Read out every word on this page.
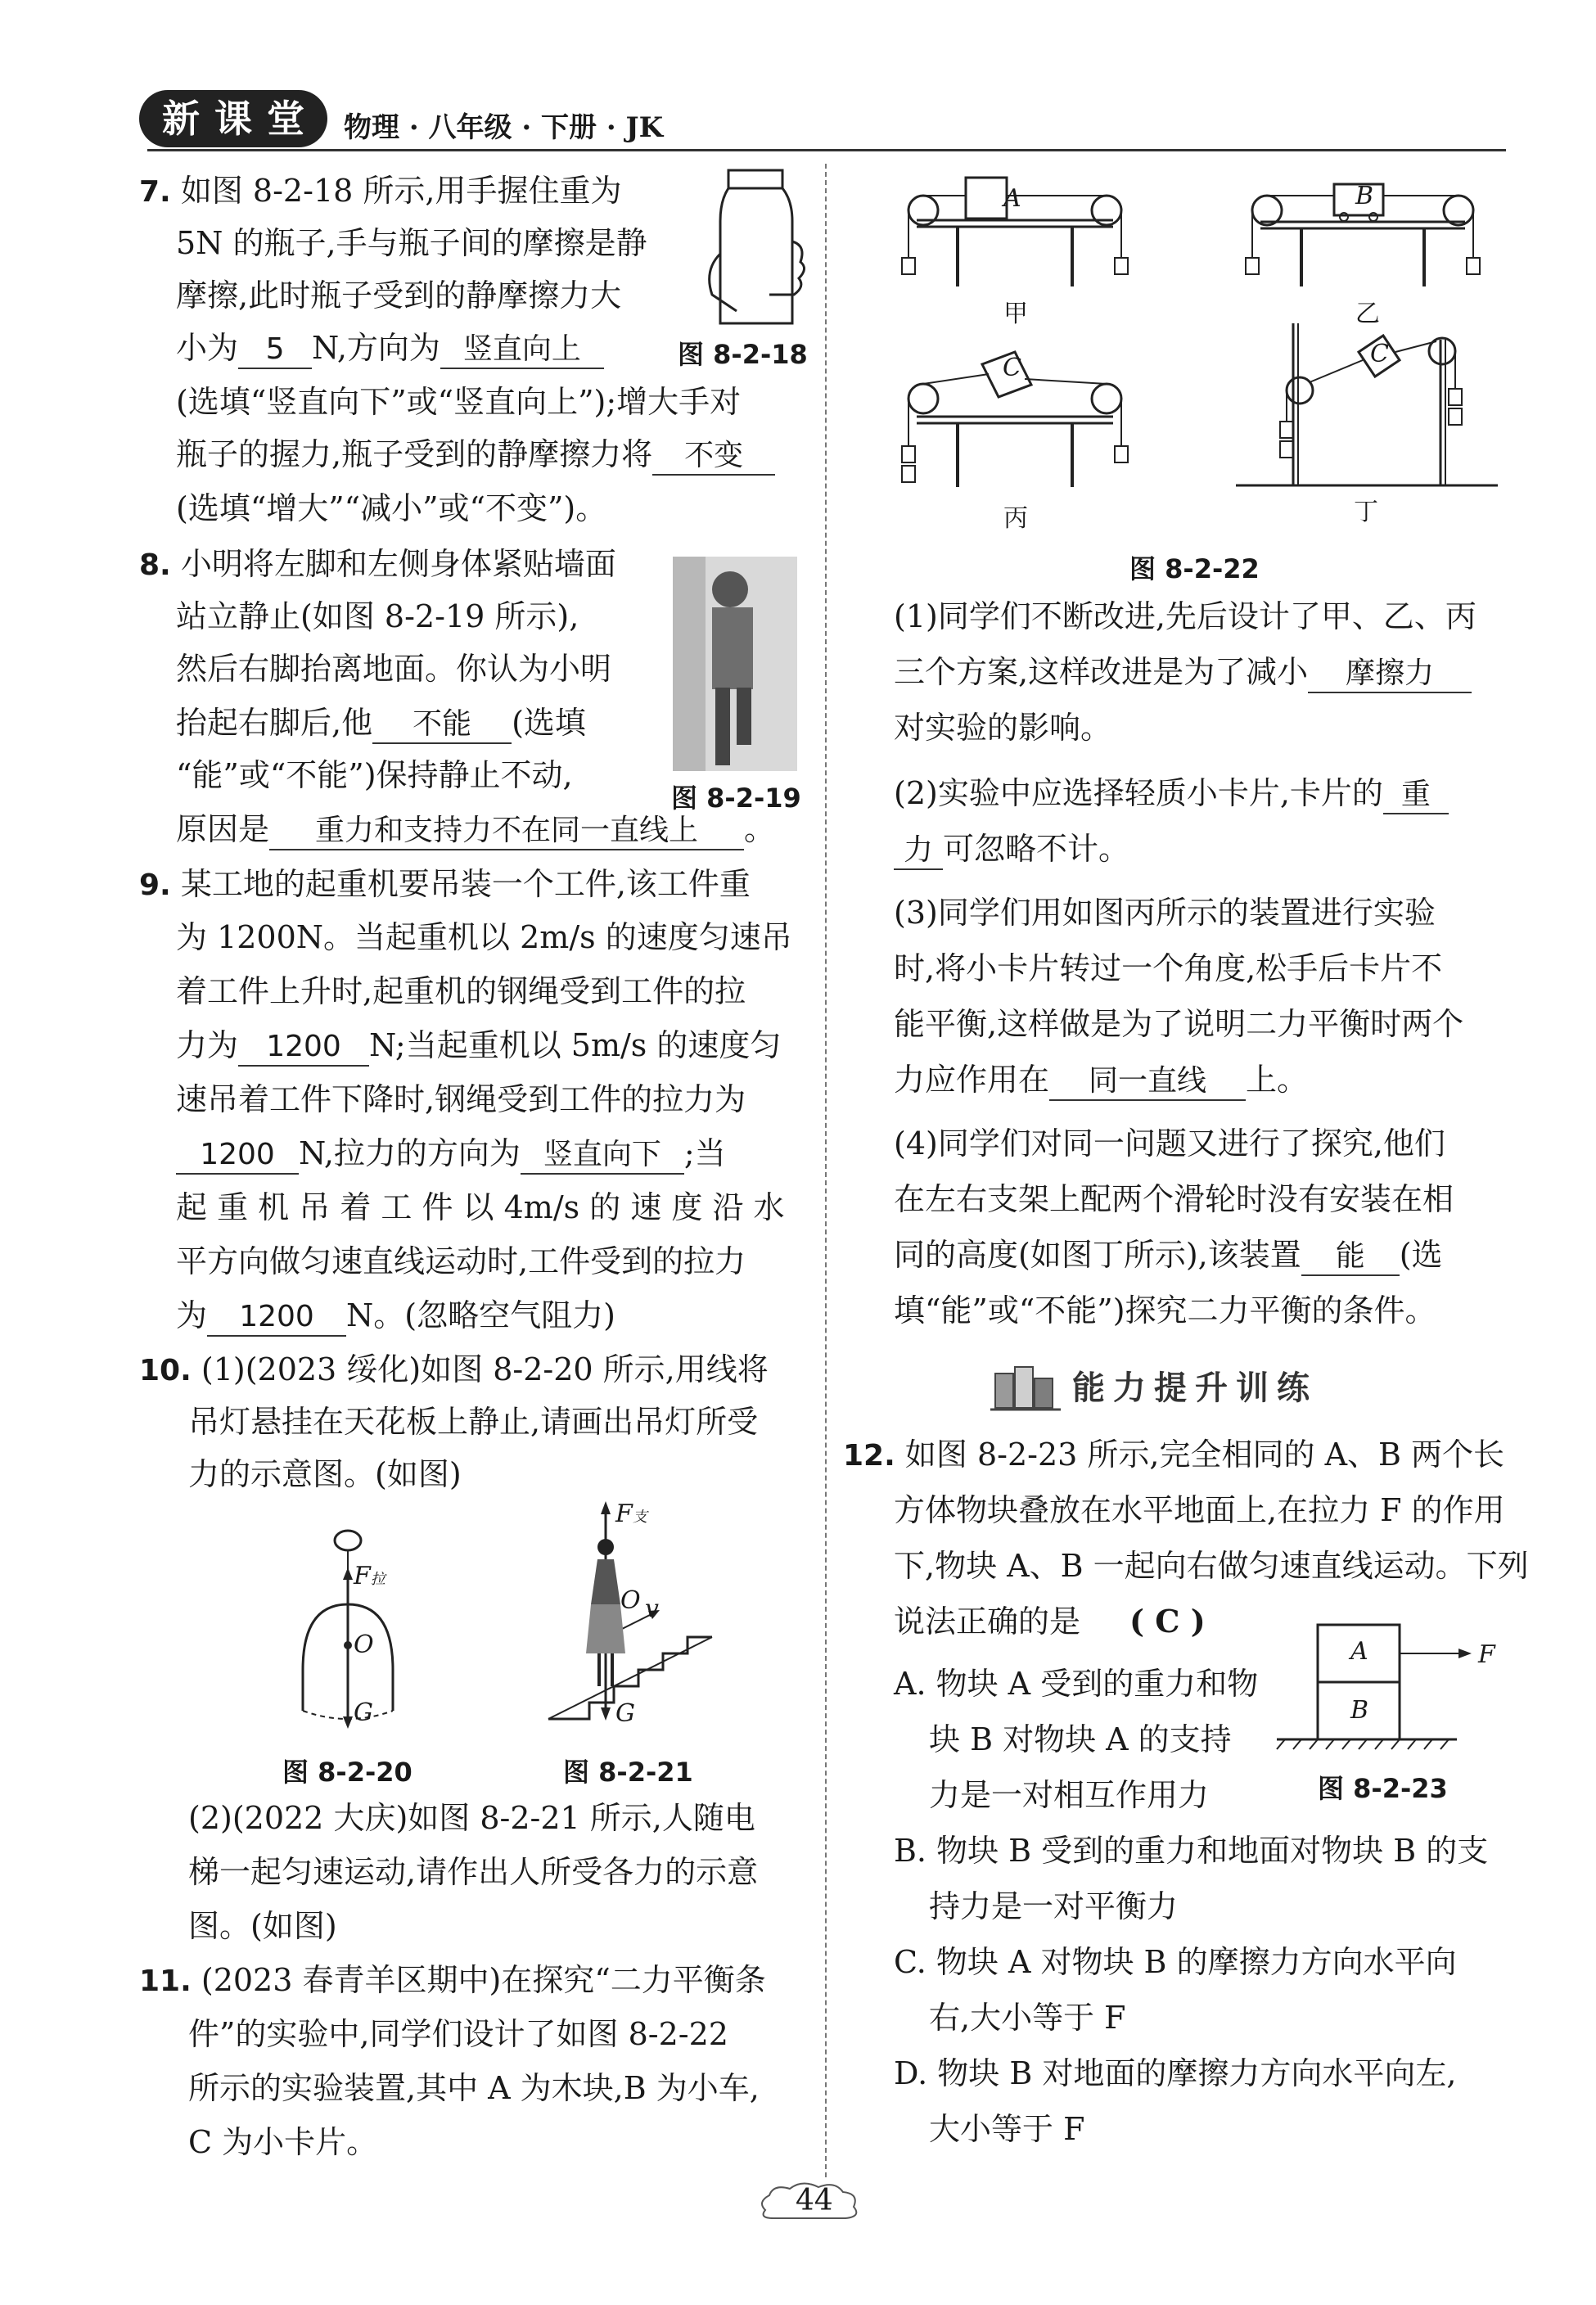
新 课 堂 物理 · 八年级 · 下册 · JK
7. 如图 8-2-18 所示,用手握住重为
5N 的瓶子,手与瓶子间的摩擦是静
摩擦,此时瓶子受到的静摩擦力大
小为 5 N,方向为 竖直向上	图 8-2-18
(选填“竖直向下”或“竖直向上”);增大手对
瓶子的握力,瓶子受到的静摩擦力将 不变
(选填“增大”“减小”或“不变”)。
8. 小明将左脚和左侧身体紧贴墙面
站立静止(如图 8-2-19 所示),
然后右脚抬离地面。你认为小明
抬起右脚后,他 不能 (选填
“能”或“不能”)保持静止不动,
图 8-2-19
原因是 重力和支持力不在同一直线上 。
9. 某工地的起重机要吊装一个工件,该工件重
为 1200N。当起重机以 2m/s 的速度匀速吊
着工件上升时,起重机的钢绳受到工件的拉
力为 1200 N;当起重机以 5m/s 的速度匀
速吊着工件下降时,钢绳受到工件的拉力为
1200 N,拉力的方向为 竖直向下 ;当
起 重 机 吊 着 工 件 以 4m/s 的 速 度 沿 水
平方向做匀速直线运动时,工件受到的拉力
为 1200 N。(忽略空气阻力)
10. (1)(2023 绥化)如图 8-2-20 所示,用线将
吊灯悬挂在天花板上静止,请画出吊灯所受
力的示意图。(如图)
F拉
O
G
图 8-2-20
F支
O v
G
图 8-2-21
(2)(2022 大庆)如图 8-2-21 所示,人随电
梯一起匀速运动,请作出人所受各力的示意
图。(如图)
11. (2023 春青羊区期中)在探究“二力平衡条
件”的实验中,同学们设计了如图 8-2-22
所示的实验装置,其中 A 为木块,B 为小车,
C 为小卡片。
A
甲
B
乙
C
丙
C
丁
图 8-2-22
(1)同学们不断改进,先后设计了甲、乙、丙
三个方案,这样改进是为了减小 摩擦力
对实验的影响。
(2)实验中应选择轻质小卡片,卡片的 重
力 可忽略不计。
(3)同学们用如图丙所示的装置进行实验
时,将小卡片转过一个角度,松手后卡片不
能平衡,这样做是为了说明二力平衡时两个
力应作用在 同一直线 上。
(4)同学们对同一问题又进行了探究,他们
在左右支架上配两个滑轮时没有安装在相
同的高度(如图丁所示),该装置 能 (选
填“能”或“不能”)探究二力平衡的条件。
能力提升训练
12. 如图 8-2-23 所示,完全相同的 A、B 两个长
方体物块叠放在水平地面上,在拉力 F 的作用
下,物块 A、B 一起向右做匀速直线运动。下列
说法正确的是 ( C )
A
B
F
图 8-2-23
A. 物块 A 受到的重力和物
块 B 对物块 A 的支持
力是一对相互作用力
B. 物块 B 受到的重力和地面对物块 B 的支
持力是一对平衡力
C. 物块 A 对物块 B 的摩擦力方向水平向
右,大小等于 F
D. 物块 B 对地面的摩擦力方向水平向左,
大小等于 F
44
